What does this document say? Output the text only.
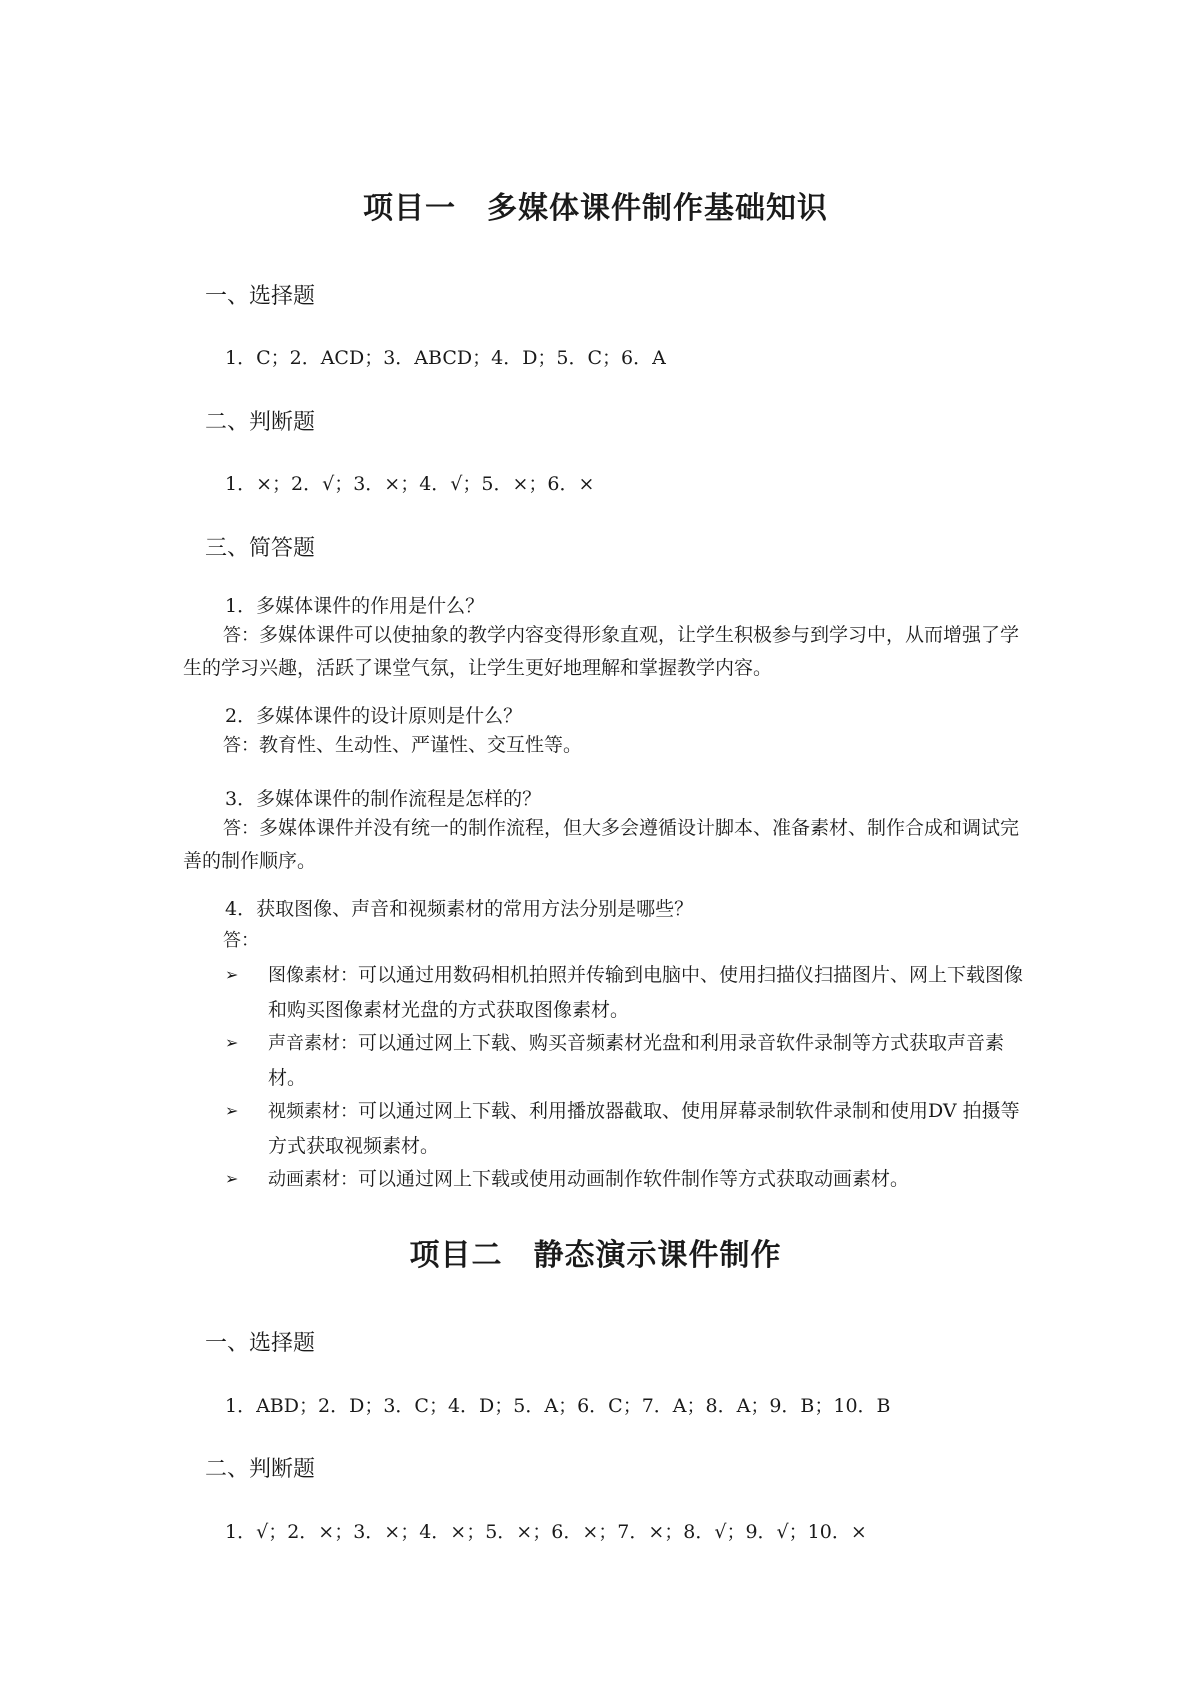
项目一　多媒体课件制作基础知识
一、选择题
1．C；2．ACD；3．ABCD；4．D；5．C；6．A
二、判断题
1．×；2．√；3．×；4．√；5．×；6．×
三、简答题
1．多媒体课件的作用是什么？
答：多媒体课件可以使抽象的教学内容变得形象直观，让学生积极参与到学习中，从而增强了学生的学习兴趣，活跃了课堂气氛，让学生更好地理解和掌握教学内容。
2．多媒体课件的设计原则是什么？
答：教育性、生动性、严谨性、交互性等。
3．多媒体课件的制作流程是怎样的？
答：多媒体课件并没有统一的制作流程，但大多会遵循设计脚本、准备素材、制作合成和调试完善的制作顺序。
4．获取图像、声音和视频素材的常用方法分别是哪些？
答：
➢	图像素材：可以通过用数码相机拍照并传输到电脑中、使用扫描仪扫描图片、网上下载图像和购买图像素材光盘的方式获取图像素材。
➢	声音素材：可以通过网上下载、购买音频素材光盘和利用录音软件录制等方式获取声音素材。
➢	视频素材：可以通过网上下载、利用播放器截取、使用屏幕录制软件录制和使用DV 拍摄等方式获取视频素材。
➢	动画素材：可以通过网上下载或使用动画制作软件制作等方式获取动画素材。
项目二　静态演示课件制作
一、选择题
1．ABD；2．D；3．C；4．D；5．A；6．C；7．A；8．A；9．B；10．B
二、判断题
1．√；2．×；3．×；4．×；5．×；6．×；7．×；8．√；9．√；10．×
